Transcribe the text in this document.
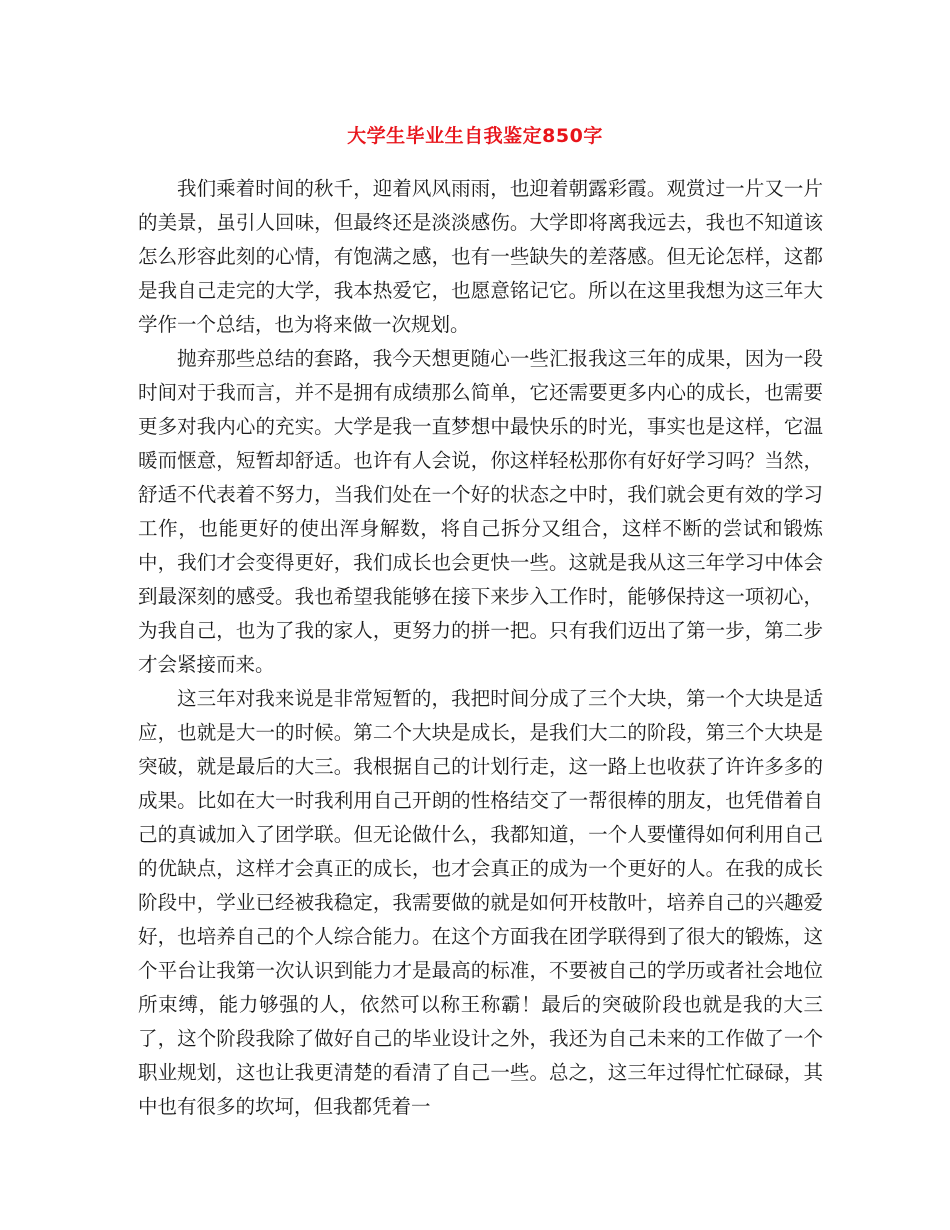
大学生毕业生自我鉴定850字

我们乘着时间的秋千，迎着风风雨雨，也迎着朝露彩霞。观赏过一片又一片的美景，虽引人回味，但最终还是淡淡感伤。大学即将离我远去，我也不知道该怎么形容此刻的心情，有饱满之感，也有一些缺失的差落感。但无论怎样，这都是我自己走完的大学，我本热爱它，也愿意铭记它。所以在这里我想为这三年大学作一个总结，也为将来做一次规划。

抛弃那些总结的套路，我今天想更随心一些汇报我这三年的成果，因为一段时间对于我而言，并不是拥有成绩那么简单，它还需要更多内心的成长，也需要更多对我内心的充实。大学是我一直梦想中最快乐的时光，事实也是这样，它温暖而惬意，短暂却舒适。也许有人会说，你这样轻松那你有好好学习吗？当然，舒适不代表着不努力，当我们处在一个好的状态之中时，我们就会更有效的学习工作，也能更好的使出浑身解数，将自己拆分又组合，这样不断的尝试和锻炼中，我们才会变得更好，我们成长也会更快一些。这就是我从这三年学习中体会到最深刻的感受。我也希望我能够在接下来步入工作时，能够保持这一项初心，为我自己，也为了我的家人，更努力的拼一把。只有我们迈出了第一步，第二步才会紧接而来。

这三年对我来说是非常短暂的，我把时间分成了三个大块，第一个大块是适应，也就是大一的时候。第二个大块是成长，是我们大二的阶段，第三个大块是突破，就是最后的大三。我根据自己的计划行走，这一路上也收获了许许多多的成果。比如在大一时我利用自己开朗的性格结交了一帮很棒的朋友，也凭借着自己的真诚加入了团学联。但无论做什么，我都知道，一个人要懂得如何利用自己的优缺点，这样才会真正的成长，也才会真正的成为一个更好的人。在我的成长阶段中，学业已经被我稳定，我需要做的就是如何开枝散叶，培养自己的兴趣爱好，也培养自己的个人综合能力。在这个方面我在团学联得到了很大的锻炼，这个平台让我第一次认识到能力才是最高的标准，不要被自己的学历或者社会地位所束缚，能力够强的人，依然可以称王称霸！最后的突破阶段也就是我的大三了，这个阶段我除了做好自己的毕业设计之外，我还为自己未来的工作做了一个职业规划，这也让我更清楚的看清了自己一些。总之，这三年过得忙忙碌碌，其中也有很多的坎坷，但我都凭着一
